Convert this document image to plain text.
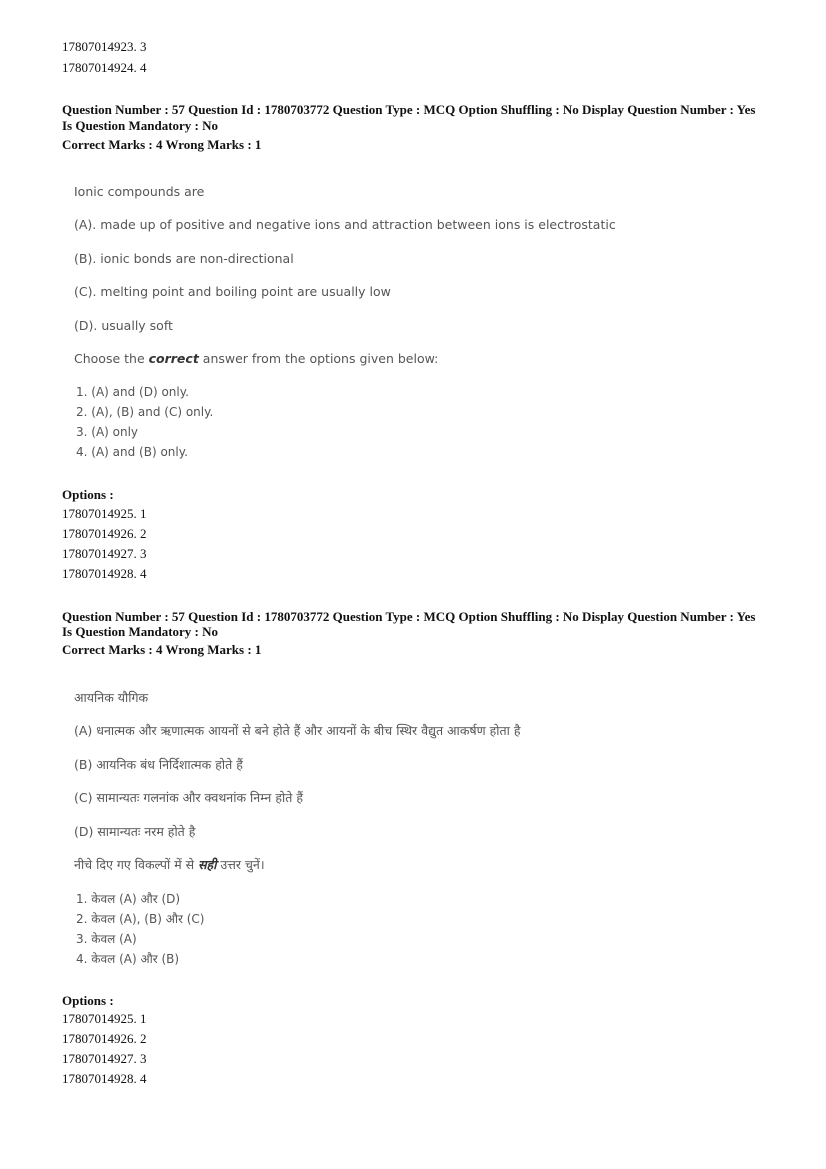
17807014923. 3
17807014924. 4
Question Number : 57 Question Id : 1780703772 Question Type : MCQ Option Shuffling : No Display Question Number : Yes
Is Question Mandatory : No
Correct Marks : 4 Wrong Marks : 1
Ionic compounds are
(A). made up of positive and negative ions and attraction between ions is electrostatic
(B). ionic bonds are non-directional
(C). melting point and boiling point are usually low
(D). usually soft
Choose the correct answer from the options given below:
1. (A) and (D) only.
2. (A), (B) and (C) only.
3. (A) only
4. (A) and (B) only.
Options :
17807014925. 1
17807014926. 2
17807014927. 3
17807014928. 4
Question Number : 57 Question Id : 1780703772 Question Type : MCQ Option Shuffling : No Display Question Number : Yes
Is Question Mandatory : No
Correct Marks : 4 Wrong Marks : 1
आयनिक यौगिक
(A) धनात्मक और ऋणात्मक आयनों से बने होते हैं और आयनों के बीच स्थिर वैद्युत आकर्षण होता है
(B) आयनिक बंध निर्दिशात्मक होते हैं
(C) सामान्यतः गलनांक और क्वथनांक निम्न होते हैं
(D) सामान्यतः नरम होते है
नीचे दिए गए विकल्पों में से सही उत्तर चुनें।
1. केवल (A) और (D)
2. केवल (A), (B) और (C)
3. केवल (A)
4. केवल (A) और (B)
Options :
17807014925. 1
17807014926. 2
17807014927. 3
17807014928. 4
